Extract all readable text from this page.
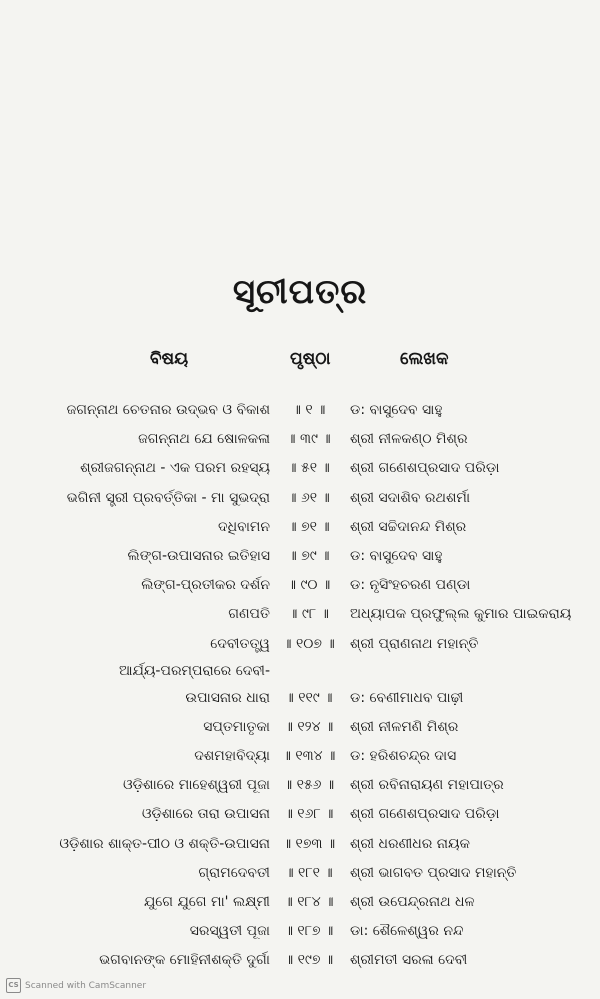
ସୂଚୀପତ୍ର
ବିଷୟ	ପୃଷ୍ଠା	ଲେଖକ
ଜଗନ୍ନାଥ ଚେତନାର ଉଦ୍ଭବ ଓ ବିକାଶ	॥ ୧ ॥	ଡ: ବାସୁଦେବ ସାହୁ
ଜଗନ୍ନାଥ ଯେ ଷୋଳକଳା	॥ ୩୯ ॥	ଶ୍ରୀ ନୀଳକଣ୍ଠ ମିଶ୍ର
ଶ୍ରୀଜଗନ୍ନାଥ - ଏକ ପରମ ରହସ୍ୟ	॥ ୫୧ ॥	ଶ୍ରୀ ଗଣେଶପ୍ରସାଦ ପରିଡ଼ା
ଭଗିନୀ ସ୍ତ୍ରୀ ପ୍ରବର୍ତ୍ତିକା - ମା ସୁଭଦ୍ରା	॥ ୬୧ ॥	ଶ୍ରୀ ସଦାଶିବ ରଥଶର୍ମା
ଦଧିବାମନ	॥ ୭୧ ॥	ଶ୍ରୀ ସଚ୍ଚିଦାନନ୍ଦ ମିଶ୍ର
ଲିଙ୍ଗ-ଉପାସନାର ଇତିହାସ	॥ ୭୯ ॥	ଡ: ବାସୁଦେବ ସାହୁ
ଲିଙ୍ଗ-ପ୍ରତୀକର ଦର୍ଶନ	॥ ୯୦ ॥	ଡ: ନୃସିଂହଚରଣ ପଣ୍ଡା
ଗଣପତି	॥ ୯୮ ॥	ଅଧ୍ୟାପକ ପ୍ରଫୁଲ୍ଲ କୁମାର ପାଇକରାୟ
ଦେବୀତତ୍ତ୍ୱ ॥ ୧୦୭ ॥	ଶ୍ରୀ ପ୍ରାଣନାଥ ମହାନ୍ତି
ଆର୍ଯ୍ୟ-ପରମ୍ପରାରେ ଦେବୀ-
ଉପାସନାର ଧାରା	॥ ୧୧୯ ॥	ଡ: ବେଣୀମାଧବ ପାଢ଼ୀ
ସପ୍ତମାତୃକା	॥ ୧୨୪ ॥	ଶ୍ରୀ ନୀଳମଣି ମିଶ୍ର
ଦଶମହାବିଦ୍ୟା ॥ ୧୩୪ ॥	ଡ: ହରିଶଚନ୍ଦ୍ର ଦାସ
ଓଡ଼ିଶାରେ ମାହେଶ୍ୱରୀ ପୂଜା ॥ ୧୫୬ ॥	ଶ୍ରୀ ରବିନାରାୟଣ ମହାପାତ୍ର
ଓଡ଼ିଶାରେ ତାରା ଉପାସନା	॥ ୧୬୮ ॥	ଶ୍ରୀ ଗଣେଶପ୍ରସାଦ ପରିଡ଼ା
ଓଡ଼ିଶାର ଶାକ୍ତ-ପୀଠ ଓ ଶକ୍ତି-ଉପାସନା ॥ ୧୭୩ ॥	ଶ୍ରୀ ଧରଣୀଧର ନାୟକ
ଗ୍ରାମଦେବତୀ	॥ ୧୮୧ ॥	ଶ୍ରୀ ଭାଗବତ ପ୍ରସାଦ ମହାନ୍ତି
ଯୁଗେ ଯୁଗେ ମା' ଲକ୍ଷ୍ମୀ	॥ ୧୮୪ ॥	ଶ୍ରୀ ଉପେନ୍ଦ୍ରନାଥ ଧଳ
ସରସ୍ୱତୀ ପୂଜା	॥ ୧୮୭ ॥	ଡା: ଶୈଳେଶ୍ୱର ନନ୍ଦ
ଭଗବାନଙ୍କ ମୋହିନୀଶକ୍ତି ଦୁର୍ଗା	॥ ୧୯୭ ॥	ଶ୍ରୀମତୀ ସରଳା ଦେବୀ
CS Scanned with CamScanner
